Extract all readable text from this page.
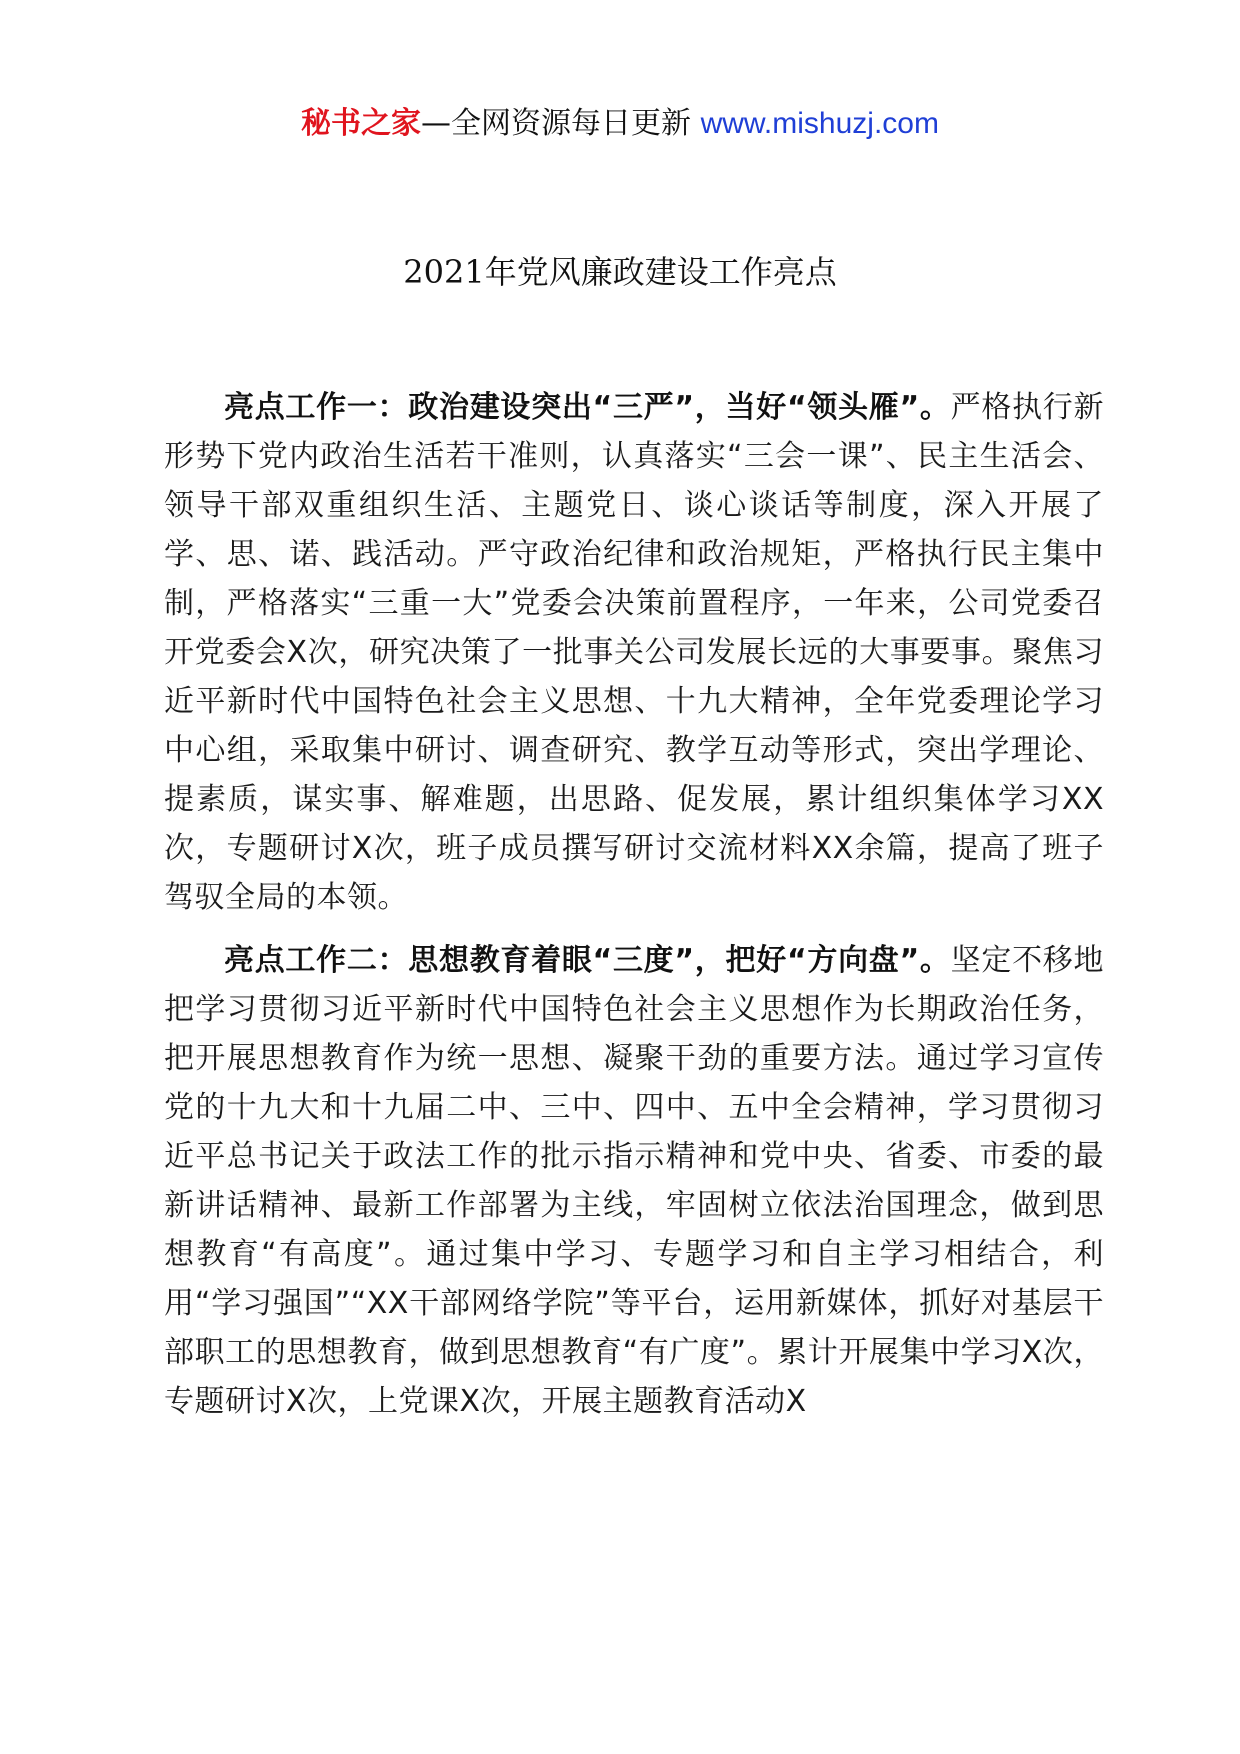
秘书之家—全网资源每日更新 www.mishuzj.com
2021年党风廉政建设工作亮点

亮点工作一：政治建设突出“三严”，当好“领头雁”。严格执行新形势下党内政治生活若干准则，认真落实“三会一课”、民主生活会、领导干部双重组织生活、主题党日、谈心谈话等制度，深入开展了学、思、诺、践活动。严守政治纪律和政治规矩，严格执行民主集中制，严格落实“三重一大”党委会决策前置程序，一年来，公司党委召开党委会X次，研究决策了一批事关公司发展长远的大事要事。聚焦习近平新时代中国特色社会主义思想、十九大精神，全年党委理论学习中心组，采取集中研讨、调查研究、教学互动等形式，突出学理论、提素质，谋实事、解难题，出思路、促发展，累计组织集体学习XX次，专题研讨X次，班子成员撰写研讨交流材料XX余篇，提高了班子驾驭全局的本领。

亮点工作二：思想教育着眼“三度”，把好“方向盘”。坚定不移地把学习贯彻习近平新时代中国特色社会主义思想作为长期政治任务，把开展思想教育作为统一思想、凝聚干劲的重要方法。通过学习宣传党的十九大和十九届二中、三中、四中、五中全会精神，学习贯彻习近平总书记关于政法工作的批示指示精神和党中央、省委、市委的最新讲话精神、最新工作部署为主线，牢固树立依法治国理念，做到思想教育“有高度”。通过集中学习、专题学习和自主学习相结合，利用“学习强国”“XX干部网络学院”等平台，运用新媒体，抓好对基层干部职工的思想教育，做到思想教育“有广度”。累计开展集中学习X次，专题研讨X次，上党课X次，开展主题教育活动X
